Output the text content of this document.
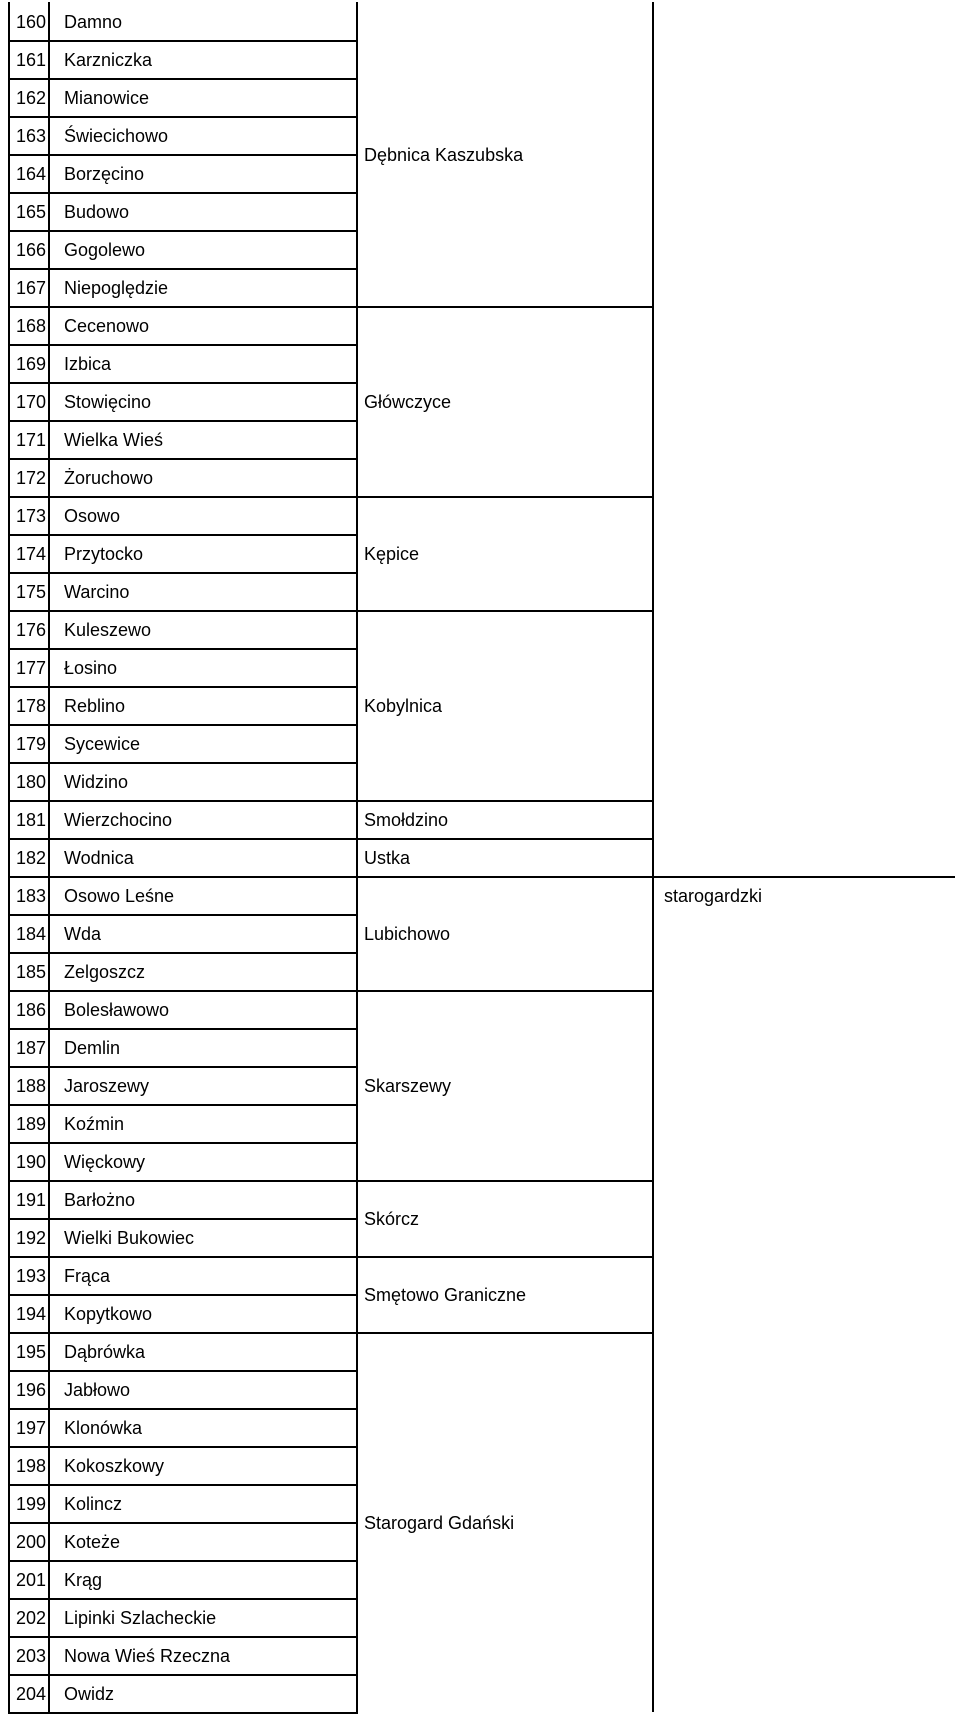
160 Damno
161 Karzniczka
162 Mianowice
163 Świecichowo
164 Borzęcino
165 Budowo
166 Gogolewo
167 Niepoględzie
168 Cecenowo
169 Izbica
170 Stowięcino
171 Wielka Wieś
172 Żoruchowo
173 Osowo
174 Przytocko
175 Warcino
176 Kuleszewo
177 Łosino
178 Reblino
179 Sycewice
180 Widzino
181 Wierzchocino
182 Wodnica
183 Osowo Leśne
184 Wda
185 Zelgoszcz
186 Bolesławowo
187 Demlin
188 Jaroszewy
189 Koźmin
190 Więckowy
191 Barłożno
192 Wielki Bukowiec
193 Frąca
194 Kopytkowo
195 Dąbrówka
196 Jabłowo
197 Klonówka
198 Kokoszkowy
199 Kolincz
200 Koteże
201 Krąg
202 Lipinki Szlacheckie
203 Nowa Wieś Rzeczna
204 Owidz
Dębnica Kaszubska
Główczyce
Kępice
Kobylnica
Smołdzino
Ustka
Lubichowo
Skarszewy
Skórcz
Smętowo Graniczne
Starogard Gdański
starogardzki
